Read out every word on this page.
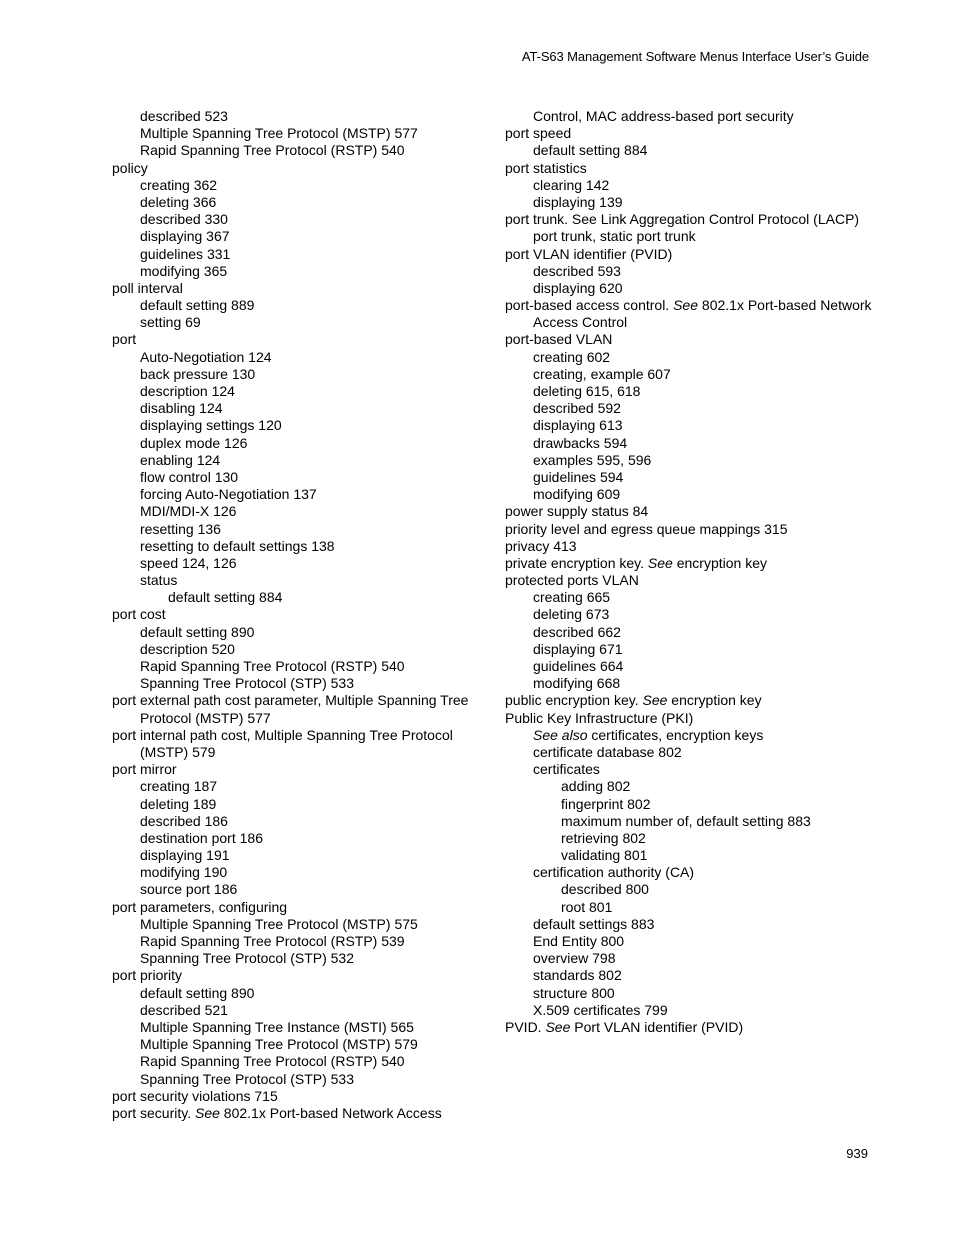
AT-S63 Management Software Menus Interface User’s Guide
described 523
Multiple Spanning Tree Protocol (MSTP) 577
Rapid Spanning Tree Protocol (RSTP) 540
policy
creating 362
deleting 366
described 330
displaying 367
guidelines 331
modifying 365
poll interval
default setting 889
setting 69
port
Auto-Negotiation 124
back pressure 130
description 124
disabling 124
displaying settings 120
duplex mode 126
enabling 124
flow control 130
forcing Auto-Negotiation 137
MDI/MDI-X 126
resetting 136
resetting to default settings 138
speed 124, 126
status
default setting 884
port cost
default setting 890
description 520
Rapid Spanning Tree Protocol (RSTP) 540
Spanning Tree Protocol (STP) 533
port external path cost parameter, Multiple Spanning Tree
Protocol (MSTP) 577
port internal path cost, Multiple Spanning Tree Protocol
(MSTP) 579
port mirror
creating 187
deleting 189
described 186
destination port 186
displaying 191
modifying 190
source port 186
port parameters, configuring
Multiple Spanning Tree Protocol (MSTP) 575
Rapid Spanning Tree Protocol (RSTP) 539
Spanning Tree Protocol (STP) 532
port priority
default setting 890
described 521
Multiple Spanning Tree Instance (MSTI) 565
Multiple Spanning Tree Protocol (MSTP) 579
Rapid Spanning Tree Protocol (RSTP) 540
Spanning Tree Protocol (STP) 533
port security violations 715
port security. See 802.1x Port-based Network Access
Control, MAC address-based port security
port speed
default setting 884
port statistics
clearing 142
displaying 139
port trunk. See Link Aggregation Control Protocol (LACP)
port trunk, static port trunk
port VLAN identifier (PVID)
described 593
displaying 620
port-based access control. See 802.1x Port-based Network
Access Control
port-based VLAN
creating 602
creating, example 607
deleting 615, 618
described 592
displaying 613
drawbacks 594
examples 595, 596
guidelines 594
modifying 609
power supply status 84
priority level and egress queue mappings 315
privacy 413
private encryption key. See encryption key
protected ports VLAN
creating 665
deleting 673
described 662
displaying 671
guidelines 664
modifying 668
public encryption key. See encryption key
Public Key Infrastructure (PKI)
See also certificates, encryption keys
certificate database 802
certificates
adding 802
fingerprint 802
maximum number of, default setting 883
retrieving 802
validating 801
certification authority (CA)
described 800
root 801
default settings 883
End Entity 800
overview 798
standards 802
structure 800
X.509 certificates 799
PVID. See Port VLAN identifier (PVID)
939
